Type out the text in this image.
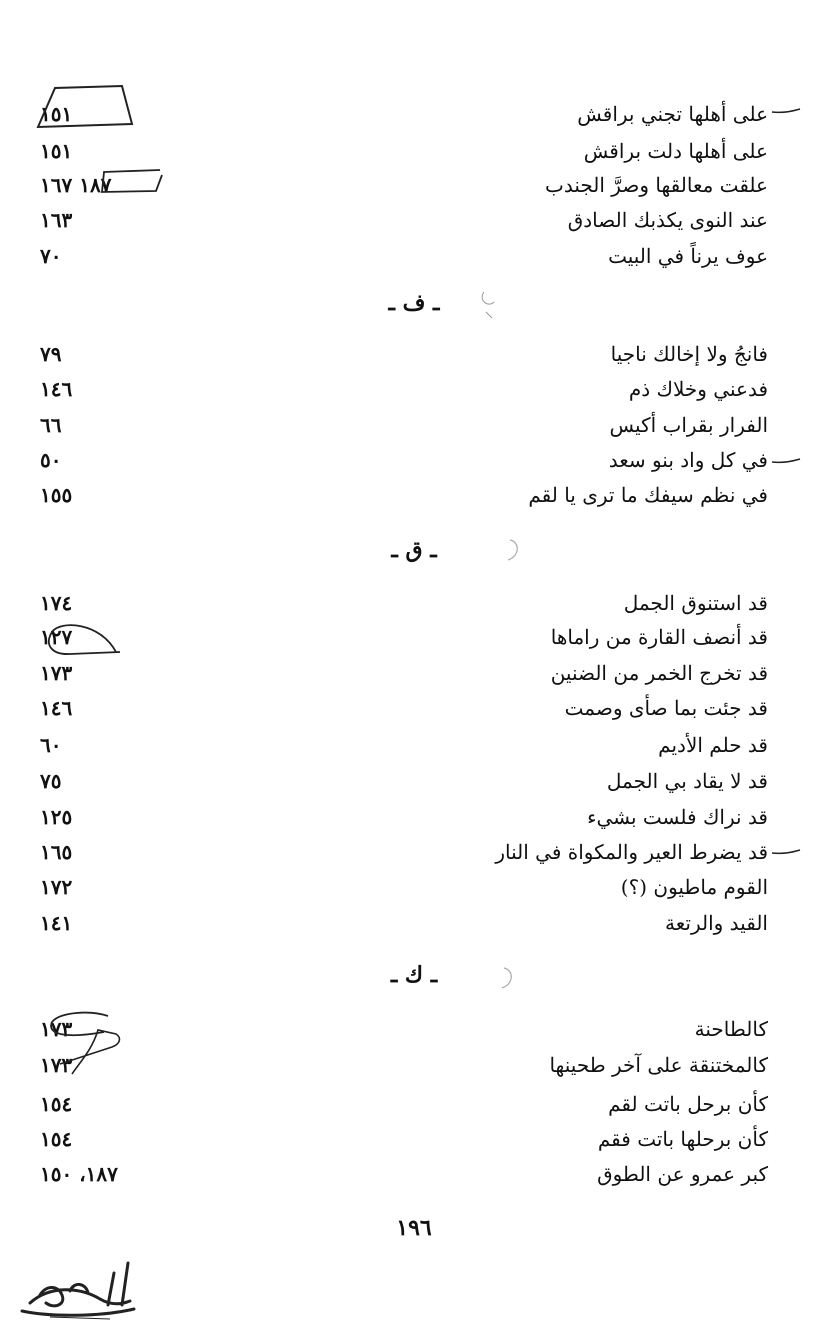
١٥١	على أهلها تجني براقش
١٥١	على أهلها دلت براقش
١٨٧ ١٦٧	علقت معالقها وصرَّ الجندب
١٦٣	عند النوى يكذبك الصادق
٧٠	عوف يرناً في البيت
ـ ف ـ
٧٩	فانجُ ولا إخالك ناجيا
١٤٦	فدعني وخلاك ذم
٦٦	الفرار بقراب أكيس
٥٠	في كل واد بنو سعد
١٥٥	في نظم سيفك ما ترى يا لقم
ـ ق ـ
١٧٤	قد استنوق الجمل
١٢٧	قد أنصف القارة من راماها
١٧٣	قد تخرج الخمر من الضنين
١٤٦	قد جئت بما صأى وصمت
٦٠	قد حلم الأديم
٧٥	قد لا يقاد بي الجمل
١٢٥	قد نراك فلست بشيء
١٦٥	قد يضرط العير والمكواة في النار
١٧٢	القوم ماطيون (؟)
١٤١	القيد والرتعة
ـ ك ـ
١٧٣	كالطاحنة
١٧٣	كالمختنقة على آخر طحينها
١٥٤	كأن برحل باتت لقم
١٥٤	كأن برحلها باتت فقم
١٨٧، ١٥٠	كبر عمرو عن الطوق
١٩٦
